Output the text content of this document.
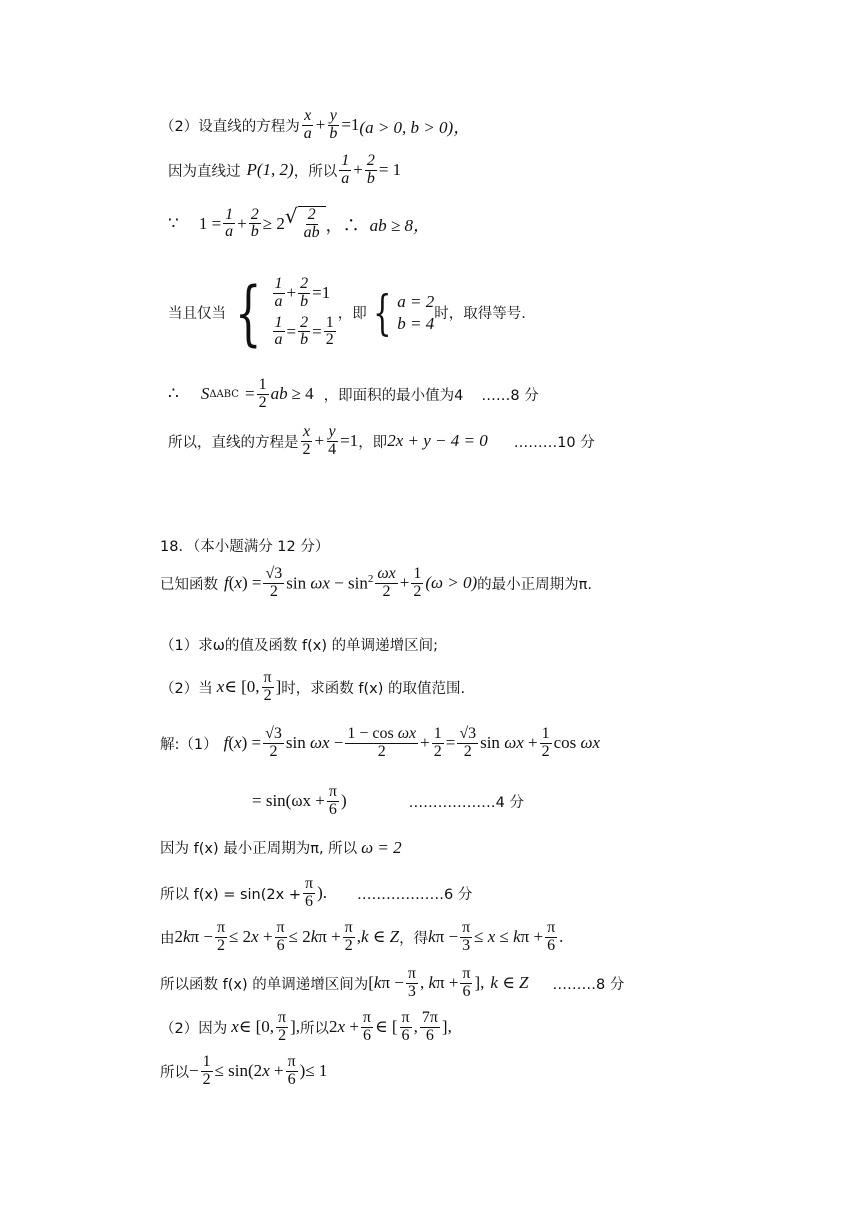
（2）设直线的方程为 $\frac{x}{a} + \frac{y}{b} =1$ (a > 0, b > 0)，
因为直线过 P(1, 2) ，所以 $\frac{1}{a} + \frac{2}{b} = 1$
∵ $1 = \frac{1}{a} + \frac{2}{b} \ge 2$ √ $\frac{2}{ab}$ ，∴ ab ≥ 8，
当且仅当 { $\frac{1}{a} + \frac{2}{b} =1$
$\frac{1}{a} = \frac{2}{b} = \frac{1}{2}$
，即 { a = 2
b = 4 时，取得等号.
∴ S $\Delta ABC = \frac{1}{2}$ ab ≥ 4 ，即面积的最小值为4 ……8 分
所以，直线的方程是 $\frac{x}{2} + \frac{y}{4} =1$ ，即 2x + y − 4 = 0 ………10 分
18．（本小题满分 12 分）
已知函数 f ( x ) = $\frac{√3}{2}$ $\sin \omega x - \sin^2 \frac{\omega x}{2} + \frac{1}{2} (\omega > 0)$ 的最小正周期为π.
（1）求ω的值及函数 f(x) 的单调递增区间;
（2）当 x ∈ [0, $\frac{\pi}{2}$ ] 时，求函数 f(x) 的取值范围.
解:（1） f ( x ) = $\frac{√3}{2}$ $\sin \omega x - \frac{\text{1 − cos ωx}}{2} + \frac{1}{2} = \frac{√3}{2}$ $\sin \omega x + \frac{1}{2}$ cos ωx
= $\sin(\omega x + \frac{\pi}{6}$ )	………………4 分
因为 f(x) 最小正周期为π, 所以 ω = 2
所以 $f(x) = \sin(2x + \frac{\pi}{6}$ ). ………………6 分
由 $2k\pi - \frac{\pi}{2} \le 2x + \frac{\pi}{6} \le 2k\pi + \frac{\pi}{2}$ , k ∈ Z ，得 $k\pi - \frac{\pi}{3} \le x \le k\pi + \frac{\pi}{6}$ .
所以函数 f(x) 的单调递增区间为 [$k\pi - \frac{\pi}{3}$ , $k\pi + \frac{\pi}{6}$ ], k ∈ Z ………8 分
（2）因为 x ∈ [0, $\frac{\pi}{2}$ ], 所以 $2x + \frac{\pi}{6}$ ∈ [ $\frac{\pi}{6}$ , $\frac{7\pi}{6}$ ],
所以 − $\frac{1}{2} \le \sin(2x + \frac{\pi}{6}$ ) ≤ 1
